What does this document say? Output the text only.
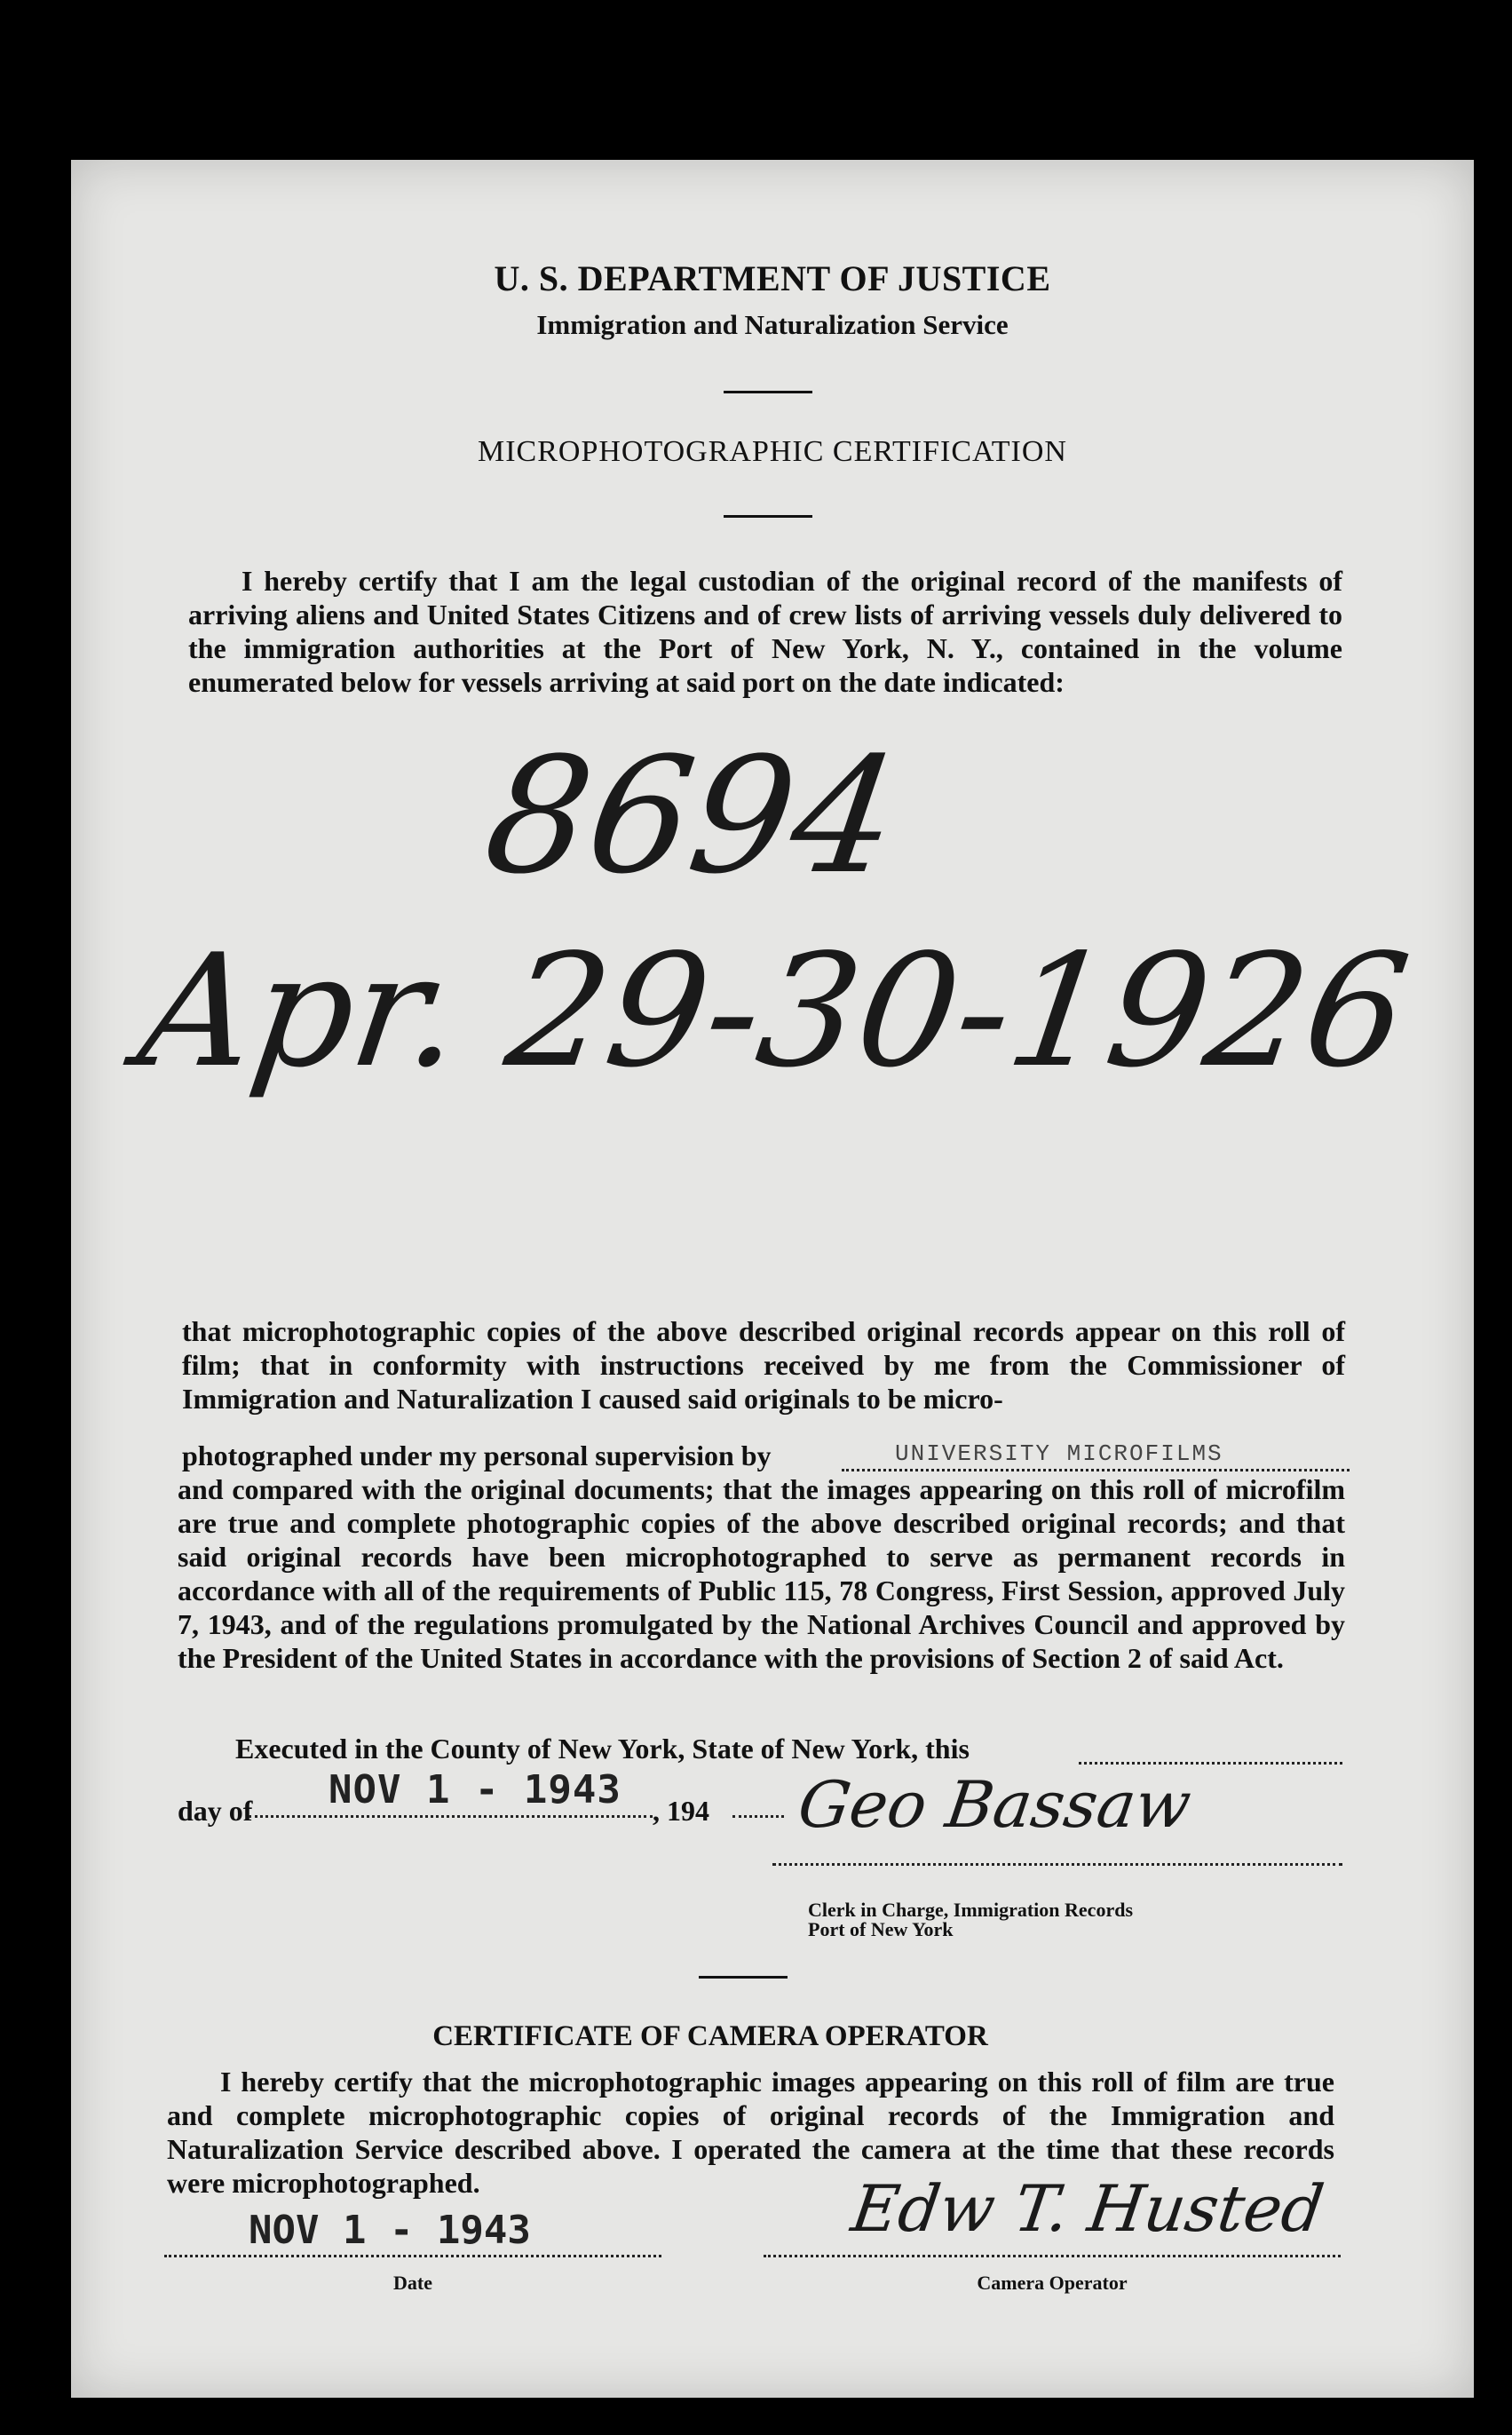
U. S. DEPARTMENT OF JUSTICE
Immigration and Naturalization Service
MICROPHOTOGRAPHIC CERTIFICATION
I hereby certify that I am the legal custodian of the original record of the manifests of arriving aliens and United States Citizens and of crew lists of arriving vessels duly delivered to the immigration authorities at the Port of New York, N. Y., contained in the volume enumerated below for vessels arriving at said port on the date indicated:
8694
Apr. 29-30-1926
that microphotographic copies of the above described original records appear on this roll of film; that in conformity with instructions received by me from the Commissioner of Immigration and Naturalization I caused said originals to be micro-
photographed under my personal supervision by	UNIVERSITY MICROFILMS
and compared with the original documents; that the images appearing on this roll of microfilm are true and complete photographic copies of the above described original records; and that said original records have been microphotographed to serve as permanent records in accordance with all of the requirements of Public 115, 78 Congress, First Session, approved July 7, 1943, and of the regulations promulgated by the National Archives Council and approved by the President of the United States in accordance with the provisions of Section 2 of said Act.
Executed in the County of New York, State of New York, this
day of NOV 1 - 1943 , 194 Geo Bassaw
Clerk in Charge, Immigration Records
Port of New York
CERTIFICATE OF CAMERA OPERATOR
I hereby certify that the microphotographic images appearing on this roll of film are true and complete microphotographic copies of original records of the Immigration and Naturalization Service described above. I operated the camera at the time that these records were microphotographed.
NOV 1 - 1943
Date
Edw T. Husted
Camera Operator
